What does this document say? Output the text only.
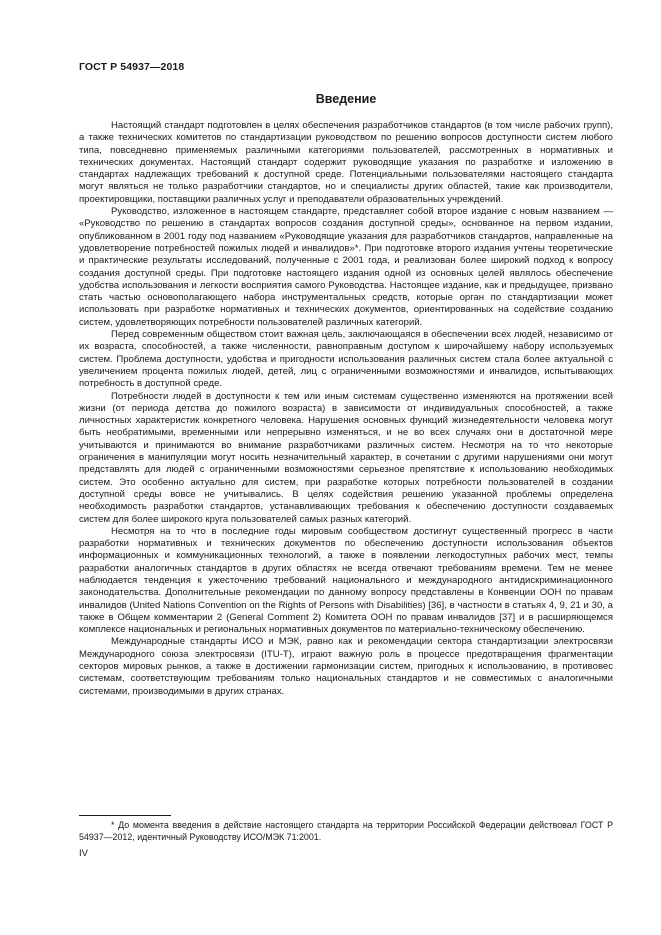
ГОСТ Р 54937—2018
Введение

Настоящий стандарт подготовлен в целях обеспечения разработчиков стандартов (в том числе рабочих групп), а также технических комитетов по стандартизации руководством по решению вопросов доступности систем любого типа, повседневно применяемых различными категориями пользователей, рассмотренных в нормативных и технических документах. Настоящий стандарт содержит руководящие указания по разработке и изложению в стандартах надлежащих требований к доступной среде. Потенциальными пользователями настоящего стандарта могут являться не только разработчики стандартов, но и специалисты других областей, такие как производители, проектировщики, поставщики различных услуг и преподаватели образовательных учреждений.

Руководство, изложенное в настоящем стандарте, представляет собой второе издание с новым названием — «Руководство по решению в стандартах вопросов создания доступной среды», основанное на первом издании, опубликованном в 2001 году под названием «Руководящие указания для разработчиков стандартов, направленные на удовлетворение потребностей пожилых людей и инвалидов»*. При подготовке второго издания учтены теоретические и практические результаты исследований, полученные с 2001 года, и реализован более широкий подход к вопросу создания доступной среды. При подготовке настоящего издания одной из основных целей являлось обеспечение удобства использования и легкости восприятия самого Руководства. Настоящее издание, как и предыдущее, призвано стать частью основополагающего набора инструментальных средств, которые орган по стандартизации может использовать при разработке нормативных и технических документов, ориентированных на содействие созданию систем, удовлетворяющих потребности пользователей различных категорий.

Перед современным обществом стоит важная цель, заключающаяся в обеспечении всех людей, независимо от их возраста, способностей, а также численности, равноправным доступом к широчайшему набору используемых систем. Проблема доступности, удобства и пригодности использования различных систем стала более актуальной с увеличением процента пожилых людей, детей, лиц с ограниченными возможностями и инвалидов, испытывающих потребность в доступной среде.

Потребности людей в доступности к тем или иным системам существенно изменяются на протяжении всей жизни (от периода детства до пожилого возраста) в зависимости от индивидуальных способностей, а также личностных характеристик конкретного человека. Нарушения основных функций жизнедеятельности человека могут быть необратимыми, временными или непрерывно изменяться, и не во всех случаях они в достаточной мере учитываются и принимаются во внимание разработчиками различных систем. Несмотря на то что некоторые ограничения в манипуляции могут носить незначительный характер, в сочетании с другими нарушениями они могут представлять для людей с ограниченными возможностями серьезное препятствие к использованию необходимых систем. Это особенно актуально для систем, при разработке которых потребности пользователей в создании доступной среды вовсе не учитывались. В целях содействия решению указанной проблемы определена необходимость разработки стандартов, устанавливающих требования к обеспечению доступности создаваемых систем для более широкого круга пользователей самых разных категорий.

Несмотря на то что в последние годы мировым сообществом достигнут существенный прогресс в части разработки нормативных и технических документов по обеспечению доступности использования объектов информационных и коммуникационных технологий, а также в появлении легкодоступных рабочих мест, темпы разработки аналогичных стандартов в других областях не всегда отвечают требованиям времени. Тем не менее наблюдается тенденция к ужесточению требований национального и международного антидискриминационного законодательства. Дополнительные рекомендации по данному вопросу представлены в Конвенции ООН по правам инвалидов (United Nations Convention on the Rights of Persons with Disabilities) [36], в частности в статьях 4, 9, 21 и 30, а также в Общем комментарии 2 (General Comment 2) Комитета ООН по правам инвалидов [37] и в расширяющемся комплексе национальных и региональных нормативных документов по материально-техническому обеспечению.

Международные стандарты ИСО и МЭК, равно как и рекомендации сектора стандартизации электросвязи Международного союза электросвязи (ITU-T), играют важную роль в процессе предотвращения фрагментации секторов мировых рынков, а также в достижении гармонизации систем, пригодных к использованию, в противовес системам, соответствующим требованиям только национальных стандартов и не совместимых с аналогичными системами, производимыми в других странах.

* До момента введения в действие настоящего стандарта на территории Российской Федерации действовал ГОСТ Р 54937—2012, идентичный Руководству ИСО/МЭК 71:2001.
IV
